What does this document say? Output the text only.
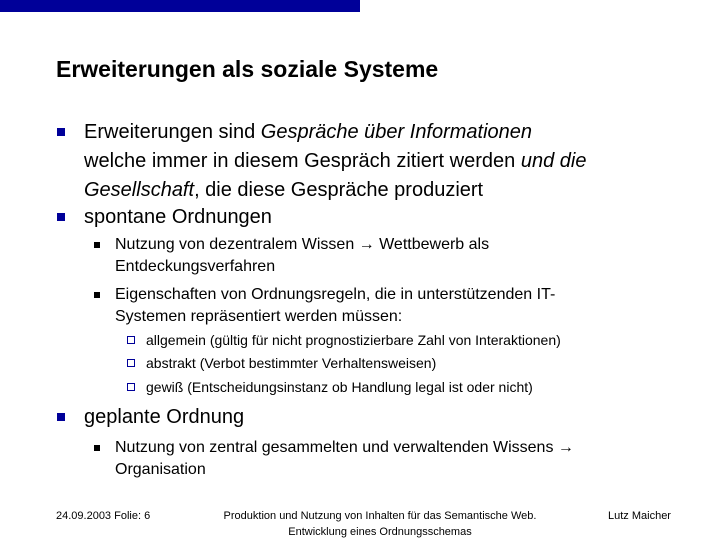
Erweiterungen als soziale Systeme
Erweiterungen sind Gespräche über Informationen
welche immer in diesem Gespräch zitiert werden und die
Gesellschaft, die diese Gespräche produziert
spontane Ordnungen
Nutzung von dezentralem Wissen → Wettbewerb als
Entdeckungsverfahren
Eigenschaften von Ordnungsregeln, die in unterstützenden IT-
Systemen repräsentiert werden müssen:
allgemein (gültig für nicht prognostizierbare Zahl von Interaktionen)
abstrakt (Verbot bestimmter Verhaltensweisen)
gewiß (Entscheidungsinstanz ob Handlung legal ist oder nicht)
geplante Ordnung
Nutzung von zentral gesammelten und verwaltenden Wissens →
Organisation
24.09.2003 Folie: 6	Produktion und Nutzung von Inhalten für das Semantische Web.
Entwicklung eines Ordnungsschemas
Lutz Maicher
